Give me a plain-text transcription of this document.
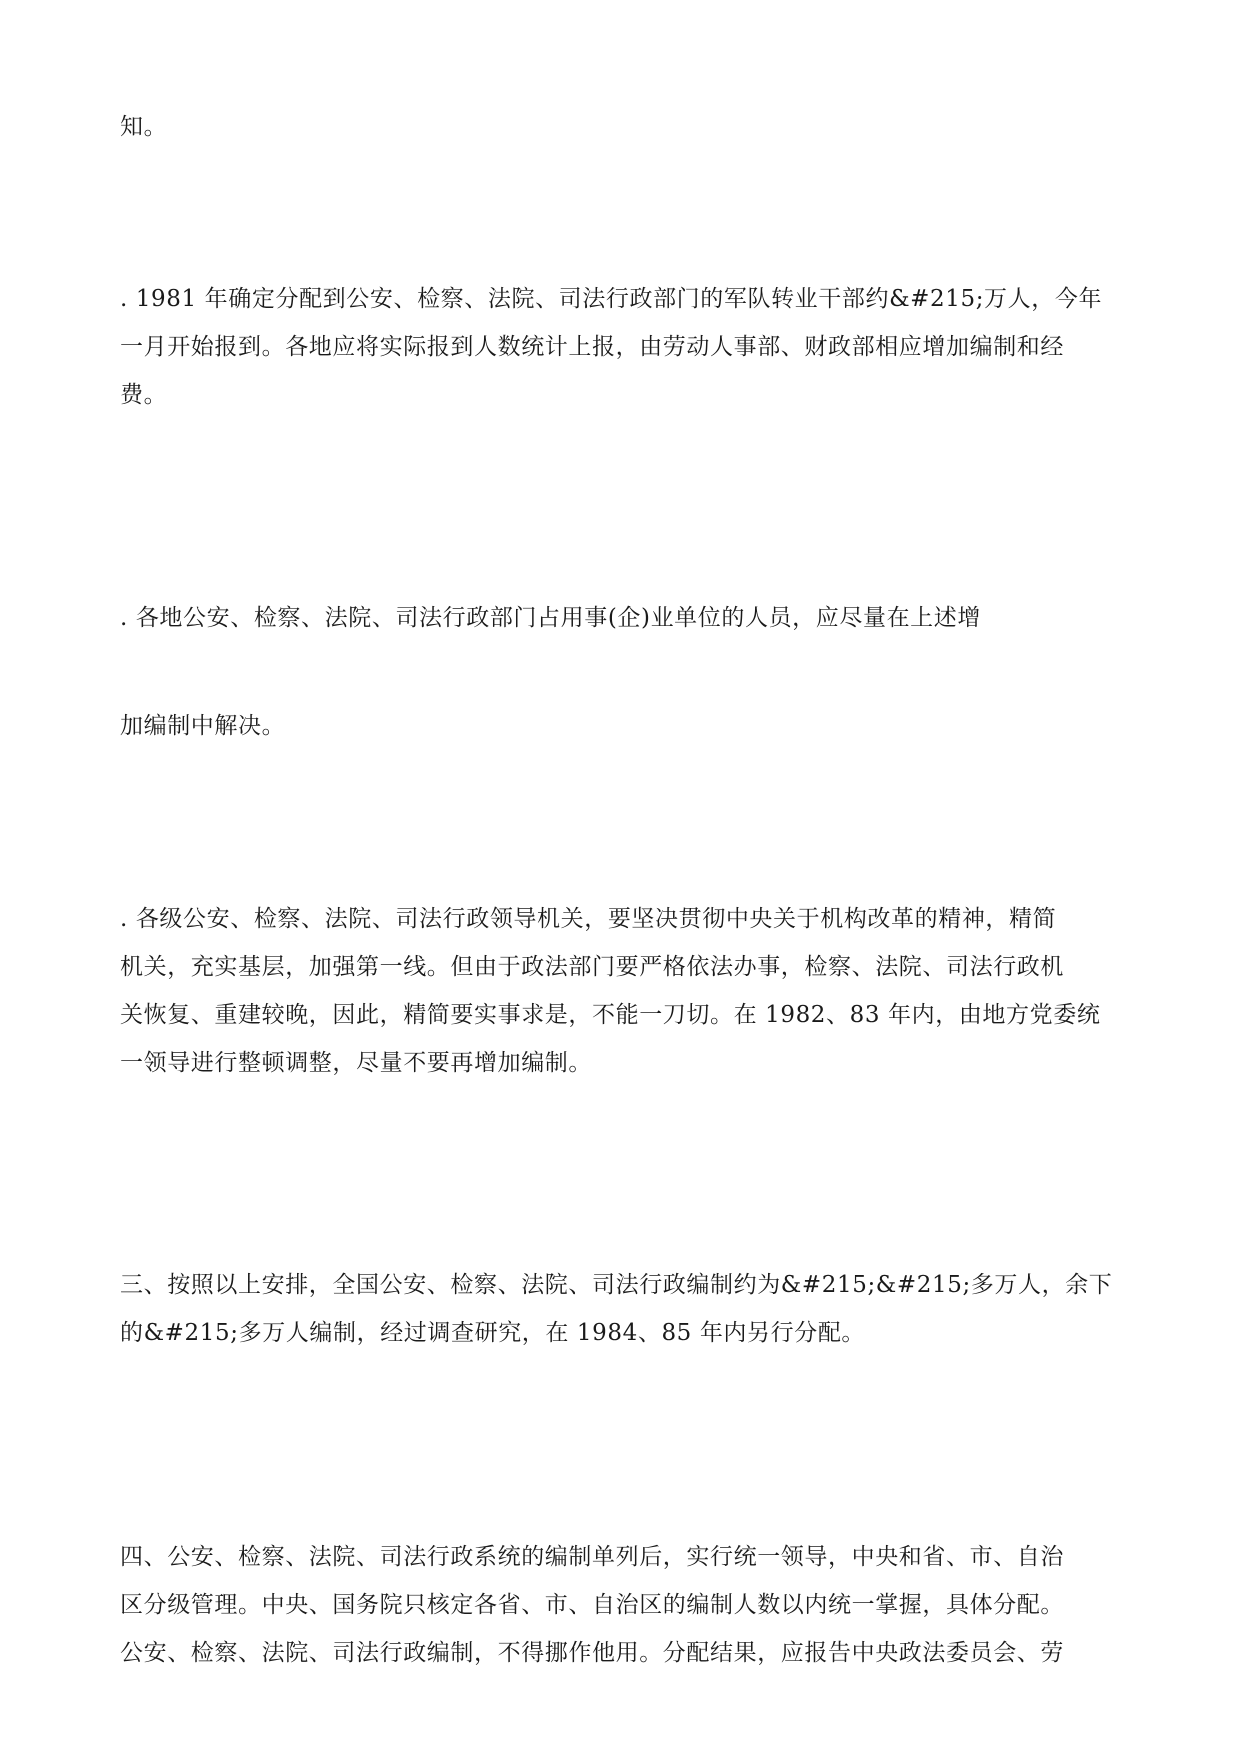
知。
. 1981 年确定分配到公安、检察、法院、司法行政部门的军队转业干部约&#215;万人，今年
一月开始报到。各地应将实际报到人数统计上报，由劳动人事部、财政部相应增加编制和经
费。
. 各地公安、检察、法院、司法行政部门占用事(企)业单位的人员，应尽量在上述增
加编制中解决。
. 各级公安、检察、法院、司法行政领导机关，要坚决贯彻中央关于机构改革的精神，精简
机关，充实基层，加强第一线。但由于政法部门要严格依法办事，检察、法院、司法行政机
关恢复、重建较晚，因此，精简要实事求是，不能一刀切。在 1982、83 年内，由地方党委统
一领导进行整顿调整，尽量不要再增加编制。
三、按照以上安排，全国公安、检察、法院、司法行政编制约为&#215;&#215;多万人，余下
的&#215;多万人编制，经过调查研究，在 1984、85 年内另行分配。
四、公安、检察、法院、司法行政系统的编制单列后，实行统一领导，中央和省、市、自治
区分级管理。中央、国务院只核定各省、市、自治区的编制人数以内统一掌握，具体分配。
公安、检察、法院、司法行政编制，不得挪作他用。分配结果，应报告中央政法委员会、劳
